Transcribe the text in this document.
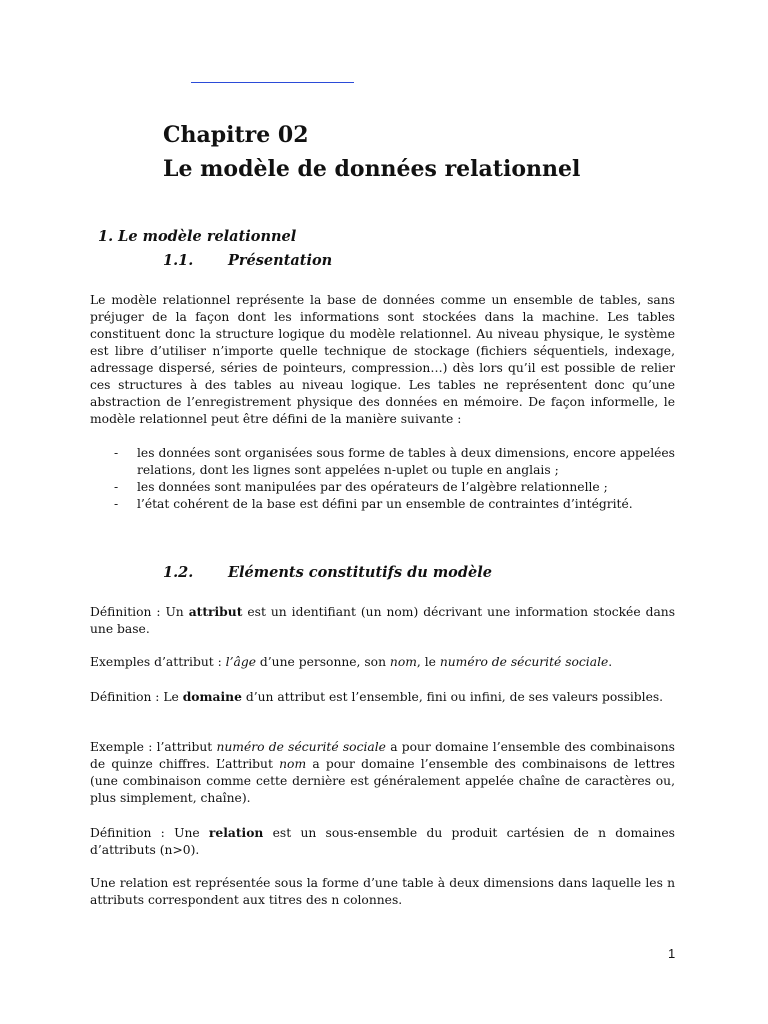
Chapitre 02
Le modèle de données relationnel
1. Le modèle relationnel
1.1. Présentation

Le modèle relationnel représente la base de données comme un ensemble de tables, sans préjuger de la façon dont les informations sont stockées dans la machine. Les tables constituent donc la structure logique du modèle relationnel. Au niveau physique, le système est libre d’utiliser n’importe quelle technique de stockage (fichiers séquentiels, indexage, adressage dispersé, séries de pointeurs, compression…) dès lors qu’il est possible de relier ces structures à des tables au niveau logique. Les tables ne représentent donc qu’une abstraction de l’enregistrement physique des données en mémoire. De façon informelle, le modèle relationnel peut être défini de la manière suivante :

- les données sont organisées sous forme de tables à deux dimensions, encore appelées relations, dont les lignes sont appelées n-uplet ou tuple en anglais ;
- les données sont manipulées par des opérateurs de l’algèbre relationnelle ;
- l’état cohérent de la base est défini par un ensemble de contraintes d’intégrité.
1.2. Eléments constitutifs du modèle

Définition : Un attribut est un identifiant (un nom) décrivant une information stockée dans une base.

Exemples d’attribut : l’âge d’une personne, son nom, le numéro de sécurité sociale.

Définition : Le domaine d’un attribut est l’ensemble, fini ou infini, de ses valeurs possibles.

Exemple : l’attribut numéro de sécurité sociale a pour domaine l’ensemble des combinaisons de quinze chiffres. L’attribut nom a pour domaine l’ensemble des combinaisons de lettres (une combinaison comme cette dernière est généralement appelée chaîne de caractères ou, plus simplement, chaîne).

Définition : Une relation est un sous-ensemble du produit cartésien de n domaines d’attributs (n>0).

Une relation est représentée sous la forme d’une table à deux dimensions dans laquelle les n attributs correspondent aux titres des n colonnes.

1
